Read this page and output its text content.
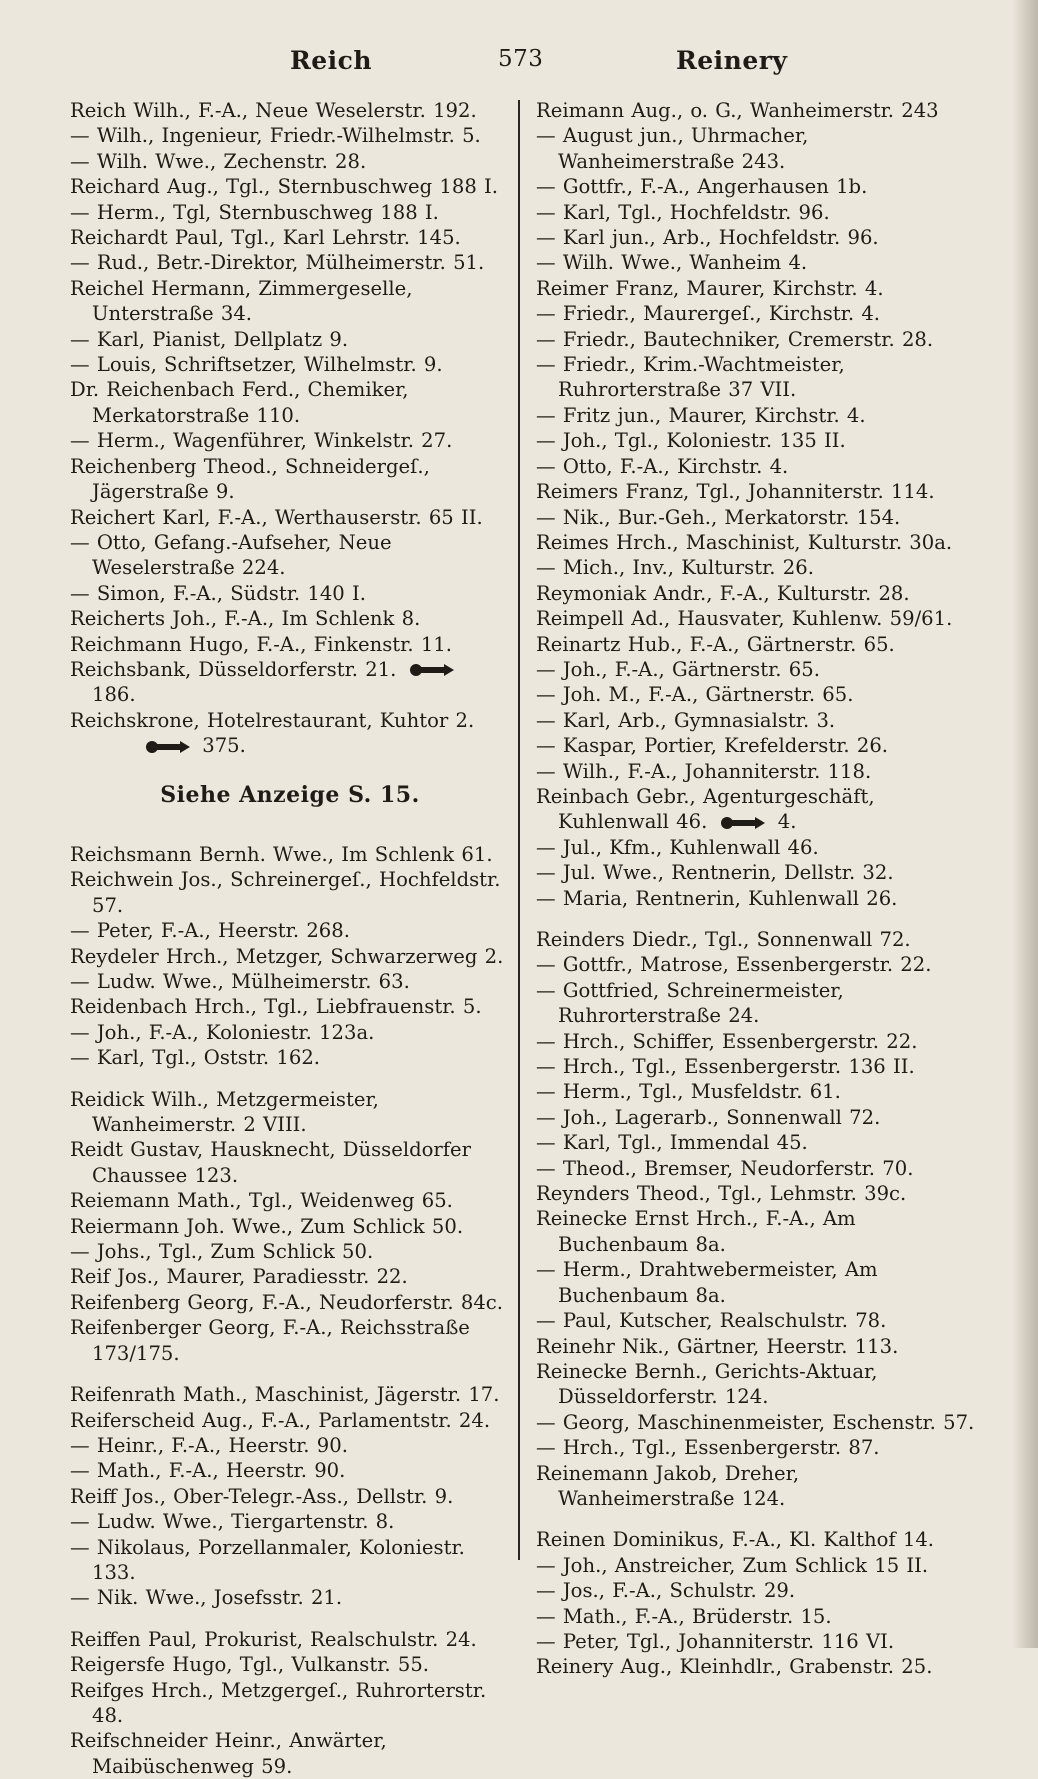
Reich	573	Reinery
Reich Wilh., F.-A., Neue Weselerstr. 192.
— Wilh., Ingenieur, Friedr.-Wilhelmstr. 5.
— Wilh. Wwe., Zechenstr. 28.
Reichard Aug., Tgl., Sternbuschweg 188 I.
— Herm., Tgl, Sternbuschweg 188 I.
Reichardt Paul, Tgl., Karl Lehrstr. 145.
— Rud., Betr.-Direktor, Mülheimerstr. 51.
Reichel Hermann, Zimmergeselle, Unterstraße 34.
— Karl, Pianist, Dellplatz 9.
— Louis, Schriftsetzer, Wilhelmstr. 9.
Dr. Reichenbach Ferd., Chemiker, Merkatorstraße 110.
— Herm., Wagenführer, Winkelstr. 27.
Reichenberg Theod., Schneidergeſ., Jägerstraße 9.
Reichert Karl, F.-A., Werthauserstr. 65 II.
— Otto, Gefang.-Aufseher, Neue Weselerstraße 224.
— Simon, F.-A., Südstr. 140 I.
Reicherts Joh., F.-A., Im Schlenk 8.
Reichmann Hugo, F.-A., Finkenstr. 11.
Reichsbank, Düsseldorferstr. 21.  186.
Reichskrone, Hotelrestaurant, Kuhtor 2.
375.
Siehe Anzeige S. 15.
Reichsmann Bernh. Wwe., Im Schlenk 61.
Reichwein Jos., Schreinergeſ., Hochfeldstr. 57.
— Peter, F.-A., Heerstr. 268.
Reydeler Hrch., Metzger, Schwarzerweg 2.
— Ludw. Wwe., Mülheimerstr. 63.
Reidenbach Hrch., Tgl., Liebfrauenstr. 5.
— Joh., F.-A., Koloniestr. 123a.
— Karl, Tgl., Oststr. 162.
Reidick Wilh., Metzgermeister, Wanheimerstr. 2 VIII.
Reidt Gustav, Hausknecht, Düsseldorfer Chaussee 123.
Reiemann Math., Tgl., Weidenweg 65.
Reiermann Joh. Wwe., Zum Schlick 50.
— Johs., Tgl., Zum Schlick 50.
Reif Jos., Maurer, Paradiesstr. 22.
Reifenberg Georg, F.-A., Neudorferstr. 84c.
Reifenberger Georg, F.-A., Reichsstraße 173/175.
Reifenrath Math., Maschinist, Jägerstr. 17.
Reiferscheid Aug., F.-A., Parlamentstr. 24.
— Heinr., F.-A., Heerstr. 90.
— Math., F.-A., Heerstr. 90.
Reiff Jos., Ober-Telegr.-Ass., Dellstr. 9.
— Ludw. Wwe., Tiergartenstr. 8.
— Nikolaus, Porzellanmaler, Koloniestr. 133.
— Nik. Wwe., Josefsstr. 21.
Reiffen Paul, Prokurist, Realschulstr. 24.
Reigersfe Hugo, Tgl., Vulkanstr. 55.
Reifges Hrch., Metzgergeſ., Ruhrorterstr. 48.
Reifschneider Heinr., Anwärter, Maibüschenweg 59.
Reimann Aug., o. G., Wanheimerstr. 243
— August jun., Uhrmacher, Wanheimerstraße 243.
— Gottfr., F.-A., Angerhausen 1b.
— Karl, Tgl., Hochfeldstr. 96.
— Karl jun., Arb., Hochfeldstr. 96.
— Wilh. Wwe., Wanheim 4.
Reimer Franz, Maurer, Kirchstr. 4.
— Friedr., Maurergeſ., Kirchstr. 4.
— Friedr., Bautechniker, Cremerstr. 28.
— Friedr., Krim.-Wachtmeister, Ruhrorterstraße 37 VII.
— Fritz jun., Maurer, Kirchstr. 4.
— Joh., Tgl., Koloniestr. 135 II.
— Otto, F.-A., Kirchstr. 4.
Reimers Franz, Tgl., Johanniterstr. 114.
— Nik., Bur.-Geh., Merkatorstr. 154.
Reimes Hrch., Maschinist, Kulturstr. 30a.
— Mich., Inv., Kulturstr. 26.
Reymoniak Andr., F.-A., Kulturstr. 28.
Reimpell Ad., Hausvater, Kuhlenw. 59/61.
Reinartz Hub., F.-A., Gärtnerstr. 65.
— Joh., F.-A., Gärtnerstr. 65.
— Joh. M., F.-A., Gärtnerstr. 65.
— Karl, Arb., Gymnasialstr. 3.
— Kaspar, Portier, Krefelderstr. 26.
— Wilh., F.-A., Johanniterstr. 118.
Reinbach Gebr., Agenturgeschäft, Kuhlenwall 46.	4.
— Jul., Kfm., Kuhlenwall 46.
— Jul. Wwe., Rentnerin, Dellstr. 32.
— Maria, Rentnerin, Kuhlenwall 26.
Reinders Diedr., Tgl., Sonnenwall 72.
— Gottfr., Matrose, Essenbergerstr. 22.
— Gottfried, Schreinermeister, Ruhrorterstraße 24.
— Hrch., Schiffer, Essenbergerstr. 22.
— Hrch., Tgl., Essenbergerstr. 136 II.
— Herm., Tgl., Musfeldstr. 61.
— Joh., Lagerarb., Sonnenwall 72.
— Karl, Tgl., Immendal 45.
— Theod., Bremser, Neudorferstr. 70.
Reynders Theod., Tgl., Lehmstr. 39c.
Reinecke Ernst Hrch., F.-A., Am Buchenbaum 8a.
— Herm., Drahtwebermeister, Am Buchenbaum 8a.
— Paul, Kutscher, Realschulstr. 78.
Reinehr Nik., Gärtner, Heerstr. 113.
Reinecke Bernh., Gerichts-Aktuar, Düsseldorferstr. 124.
— Georg, Maschinenmeister, Eschenstr. 57.
— Hrch., Tgl., Essenbergerstr. 87.
Reinemann Jakob, Dreher, Wanheimerstraße 124.
Reinen Dominikus, F.-A., Kl. Kalthof 14.
— Joh., Anstreicher, Zum Schlick 15 II.
— Jos., F.-A., Schulstr. 29.
— Math., F.-A., Brüderstr. 15.
— Peter, Tgl., Johanniterstr. 116 VI.
Reinery Aug., Kleinhdlr., Grabenstr. 25.
